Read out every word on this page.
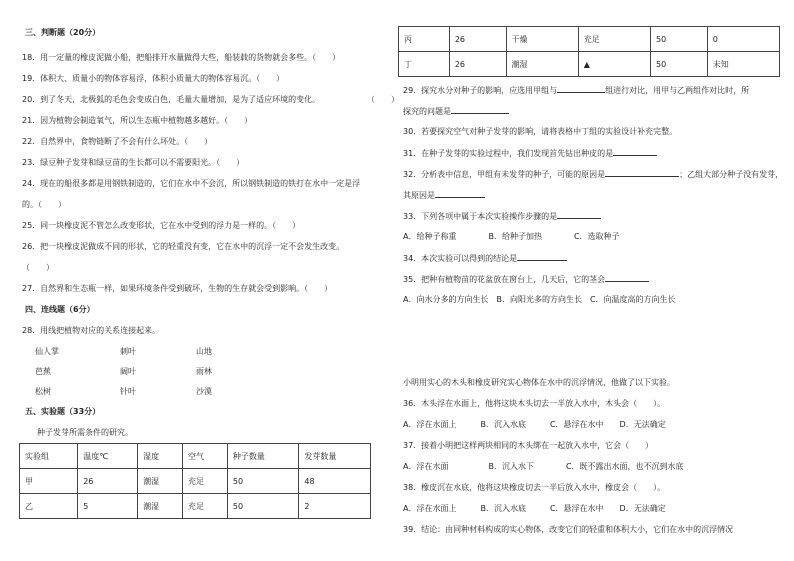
三、判断题（20分）
18．用一定量的橡皮泥做小船，把船排开水量做得大些，船装载的货物就会多些。（　　）
19．体积大、质量小的物体容易浮，体积小质量大的物体容易沉。（　　）
20．到了冬天，北极狐的毛色会变成白色，毛量大量增加，是为了适应环境的变化。	（　　）
21．因为植物会制造氧气，所以生态瓶中植物越多越好。（　　）
22．自然界中，食物链断了不会有什么坏处。（　　）
23．绿豆种子发芽和绿豆苗的生长都可以不需要阳光。（　　）
24．现在的船很多都是用钢铁制造的，它们在水中不会沉，所以钢铁制造的铁打在水中一定是浮
的。（　　）
25．同一块橡皮泥不管怎么改变形状，它在水中受到的浮力是一样的。（　　）
26．把一块橡皮泥做成不同的形状，它的轻重没有变，它在水中的沉浮一定不会发生改变。
（　　）
27．自然界和生态瓶一样，如果环境条件受到破坏，生物的生存就会受到影响。（　　）
四、连线题（6分）
28．用线把植物对应的关系连接起来。
仙人掌	刺叶	山地
芭蕉	阔叶	雨林
松树	针叶	沙漠
五、实验题（33分）
种子发芽所需条件的研究。
实验组	温度℃	湿度	空气	种子数量	发芽数量
甲	26	潮湿	充足	50	48
乙	5	潮湿	充足	50	2
丙	26	干燥	充足	50	0
丁	26	潮湿	▲	50	未知
29．探究水分对种子的影响，应选用甲组与	组进行对比，用甲与乙两组作对比时，所
探究的问题是
30．若要探究空气对种子发芽的影响，请将表格中丁组的实验设计补充完整。
31．在种子发芽的实验过程中，我们发现首先钻出种皮的是
32．分析表中信息，甲组有未发芽的种子，可能的原因是	；乙组大部分种子没有发芽，
其原因是
33．下列各项中属于本次实验操作步骤的是
A．给种子称重　　　　B．给种子加热　　　　C．选取种子
34．本次实验可以得到的结论是
35．把种有植物苗的花盆放在窗台上，几天后，它的茎会
A．向水分多的方向生长　B．向阳光多的方向生长　C．向温度高的方向生长
小明用实心的木头和橡皮研究实心物体在水中的沉浮情况，他做了以下实验。
36．木头浮在水面上，他将这块木头切去一半放入水中，木头会（　　）。
A．浮在水面上　　　B．沉入水底　　　C．悬浮在水中　　D．无法确定
37．接着小明把这样两块相同的木头绑在一起放入水中，它会（　　）
A．浮在水面　　　　　B．沉入水下　　　　C．既不露出水面，也不沉到水底
38．橡皮沉在水底，他将这块橡皮切去一半后放入水中，橡皮会（　　）。
A．浮在水面上　　　B．沉入水底　　　C．悬浮在水中　　D．无法确定
39．结论：由同种材料构成的实心物体，改变它们的轻重和体积大小，它们在水中的沉浮情况
